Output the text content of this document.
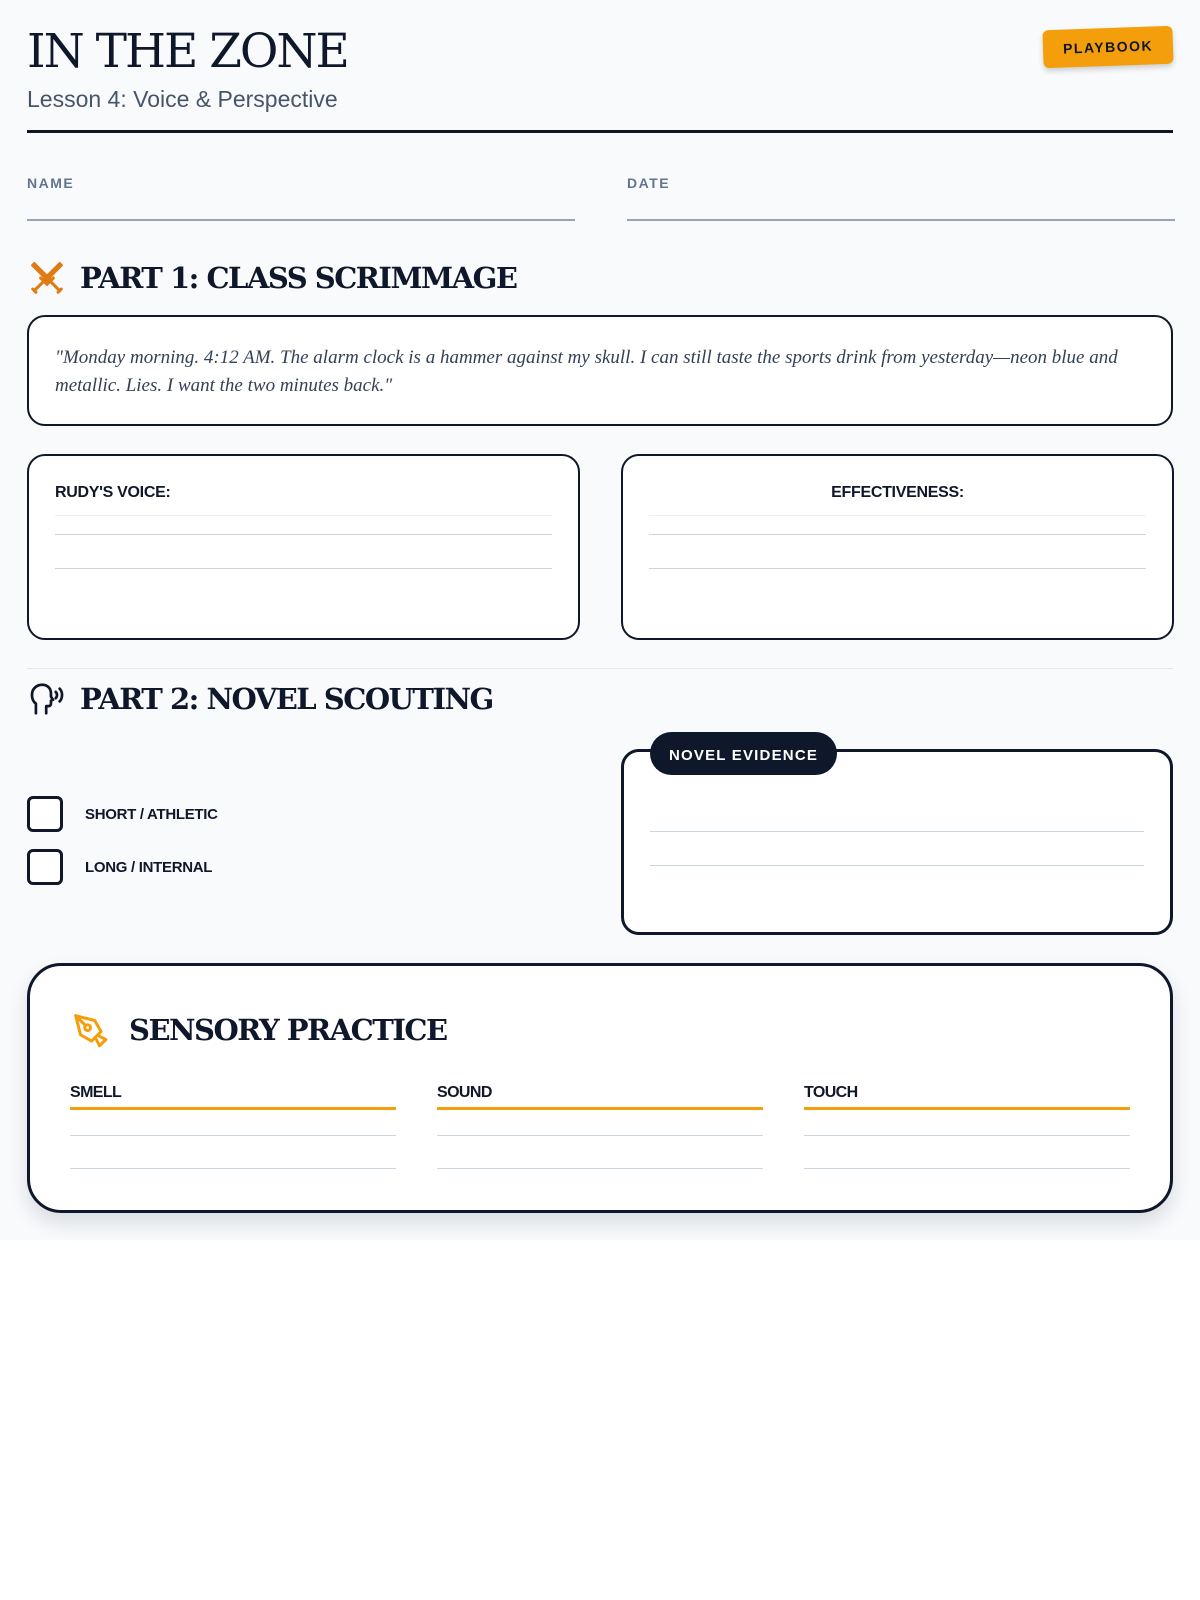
IN THE ZONE
Lesson 4: Voice & Perspective
PLAYBOOK
NAME	DATE
PART 1: CLASS SCRIMMAGE
"Monday morning. 4:12 AM. The alarm clock is a hammer against my skull. I can still taste the sports drink from yesterday—neon blue and metallic. Lies. I want the two minutes back."
RUDY'S VOICE:	EFFECTIVENESS:
PART 2: NOVEL SCOUTING
SHORT / ATHLETIC
LONG / INTERNAL
NOVEL EVIDENCE
SENSORY PRACTICE
SMELL	SOUND	TOUCH
